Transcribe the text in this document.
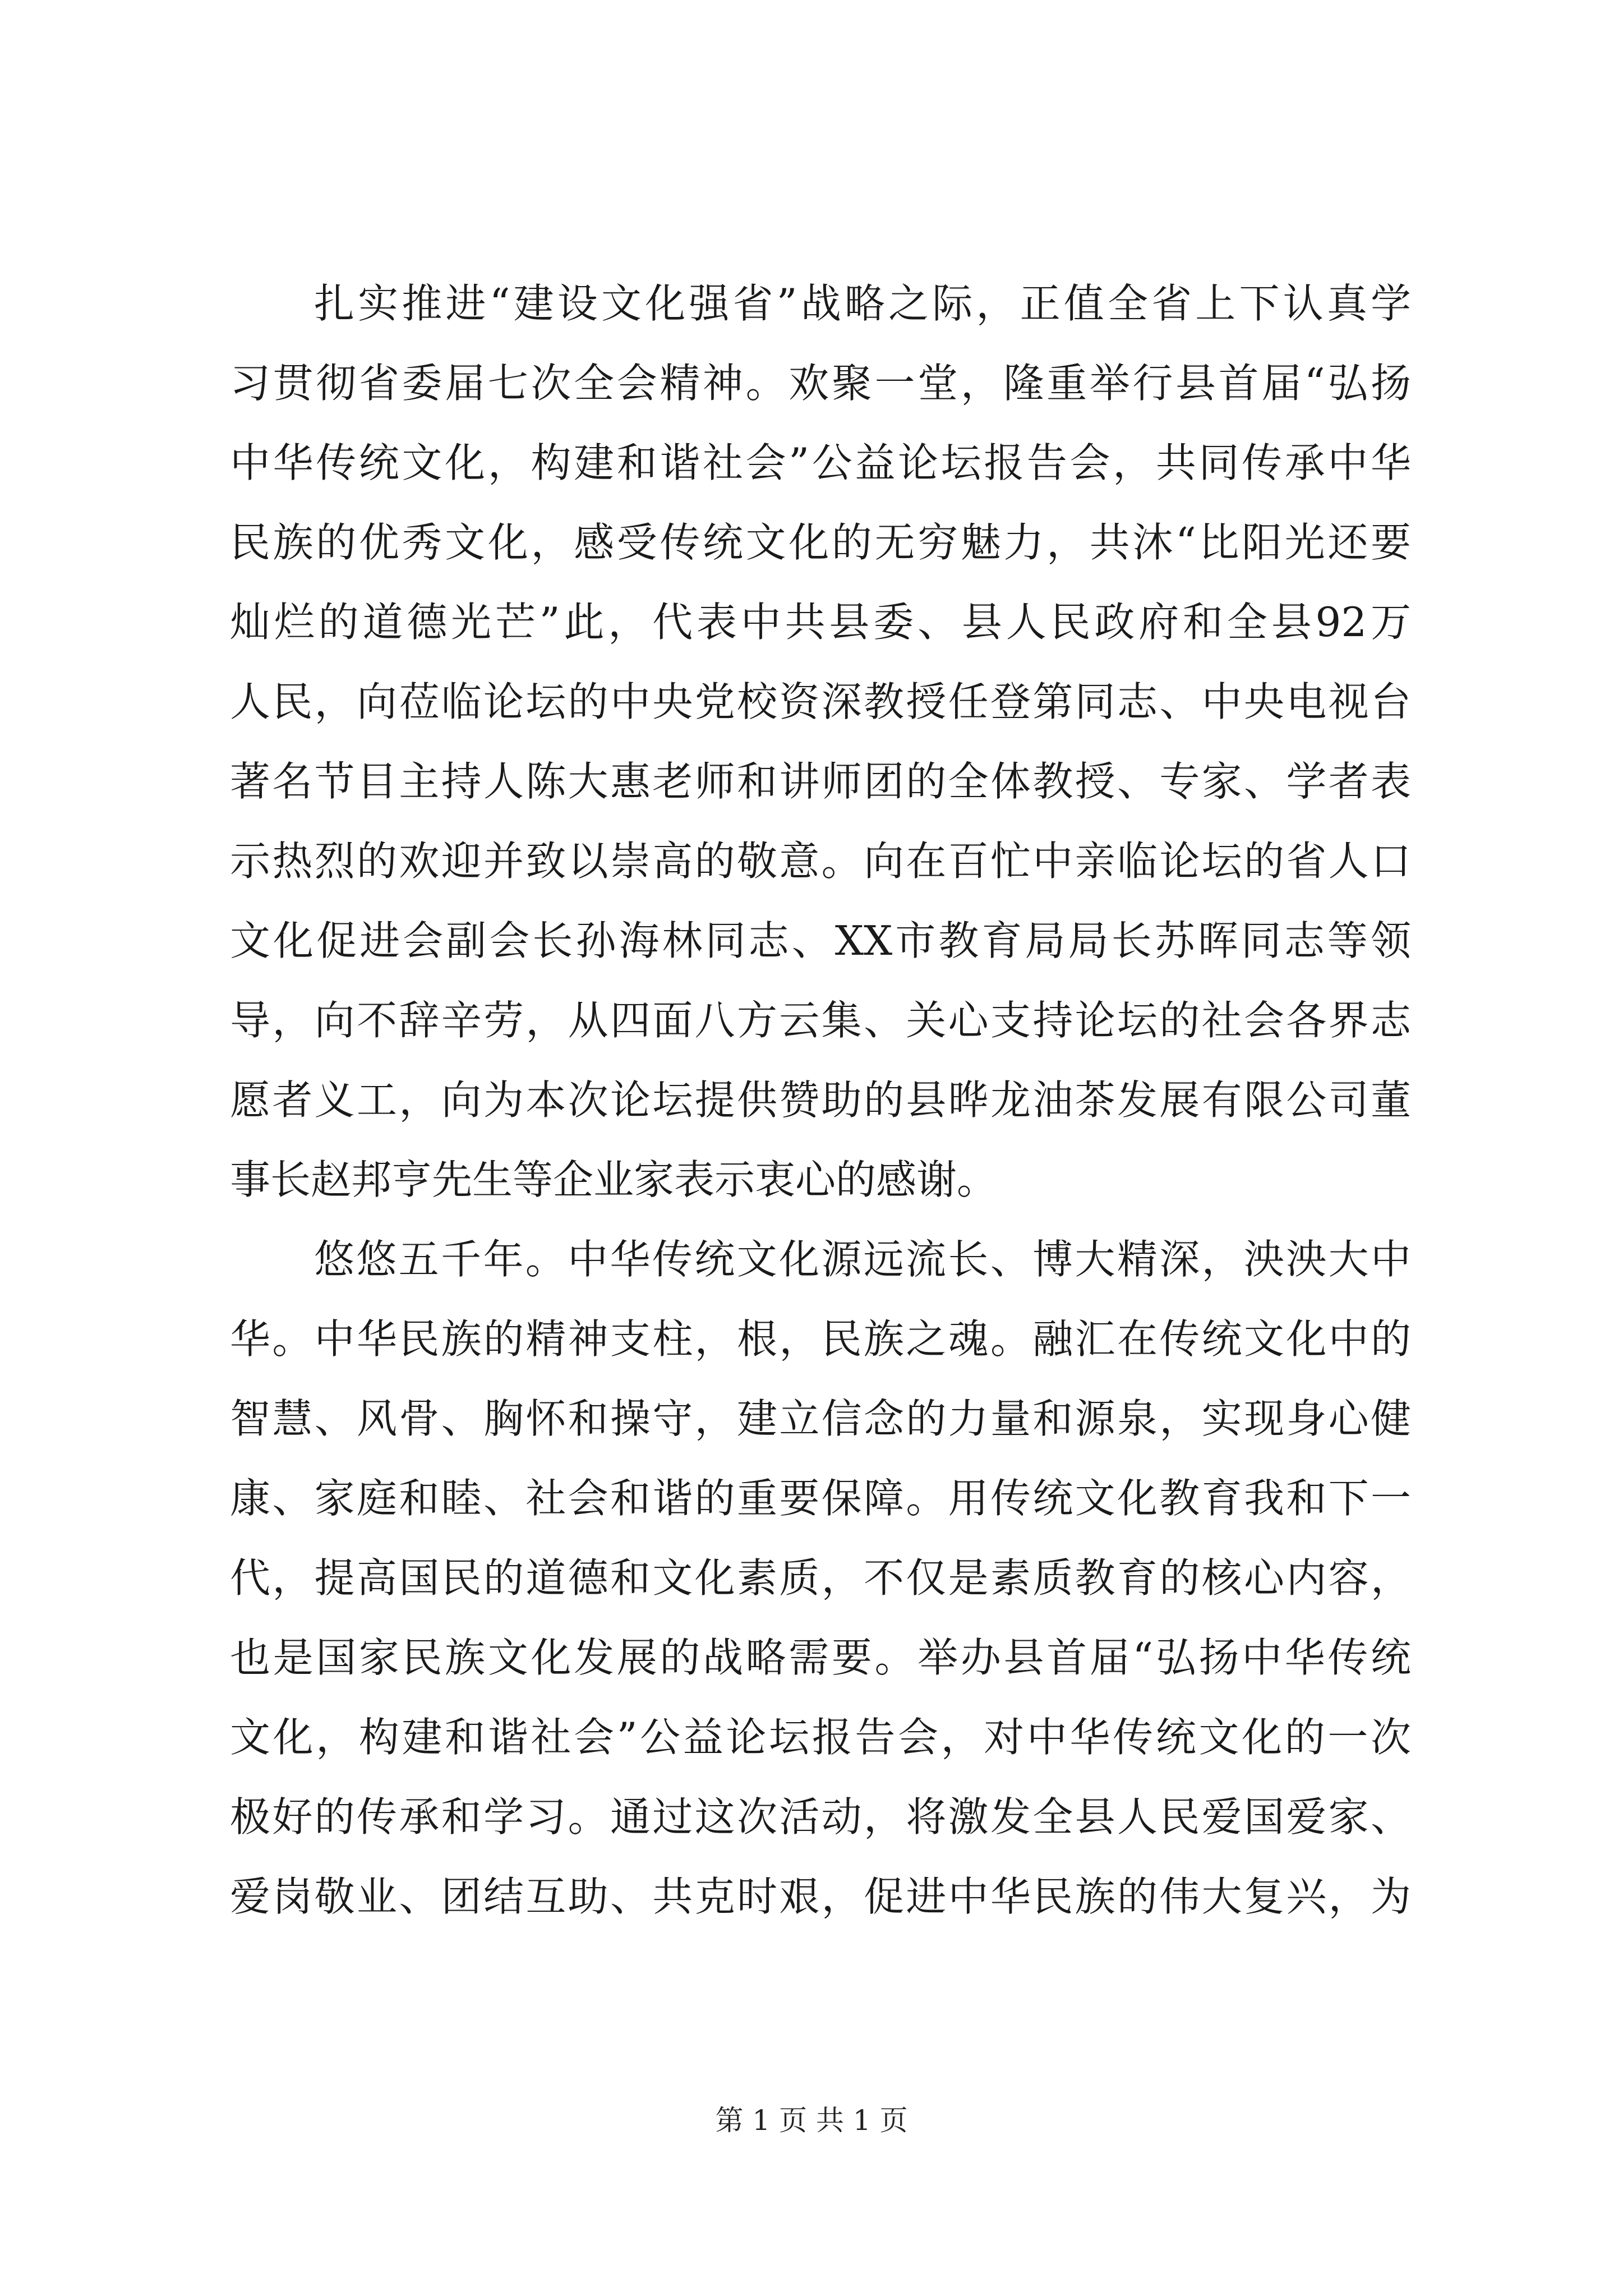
扎实推进“建设文化强省”战略之际，正值全省上下认真学
习贯彻省委届七次全会精神。欢聚一堂，隆重举行县首届“弘扬
中华传统文化，构建和谐社会”公益论坛报告会，共同传承中华
民族的优秀文化，感受传统文化的无穷魅力，共沐“比阳光还要
灿烂的道德光芒”此，代表中共县委、县人民政府和全县92万
人民，向莅临论坛的中央党校资深教授任登第同志、中央电视台
著名节目主持人陈大惠老师和讲师团的全体教授、专家、学者表
示热烈的欢迎并致以崇高的敬意。向在百忙中亲临论坛的省人口
文化促进会副会长孙海林同志、XX市教育局局长苏晖同志等领
导，向不辞辛劳，从四面八方云集、关心支持论坛的社会各界志
愿者义工，向为本次论坛提供赞助的县晔龙油茶发展有限公司董
事长赵邦亨先生等企业家表示衷心的感谢。
悠悠五千年。中华传统文化源远流长、博大精深，泱泱大中
华。中华民族的精神支柱，根，民族之魂。融汇在传统文化中的
智慧、风骨、胸怀和操守，建立信念的力量和源泉，实现身心健
康、家庭和睦、社会和谐的重要保障。用传统文化教育我和下一
代，提高国民的道德和文化素质，不仅是素质教育的核心内容，
也是国家民族文化发展的战略需要。举办县首届“弘扬中华传统
文化，构建和谐社会”公益论坛报告会，对中华传统文化的一次
极好的传承和学习。通过这次活动，将激发全县人民爱国爱家、
爱岗敬业、团结互助、共克时艰，促进中华民族的伟大复兴，为
第 1 页 共 1 页
